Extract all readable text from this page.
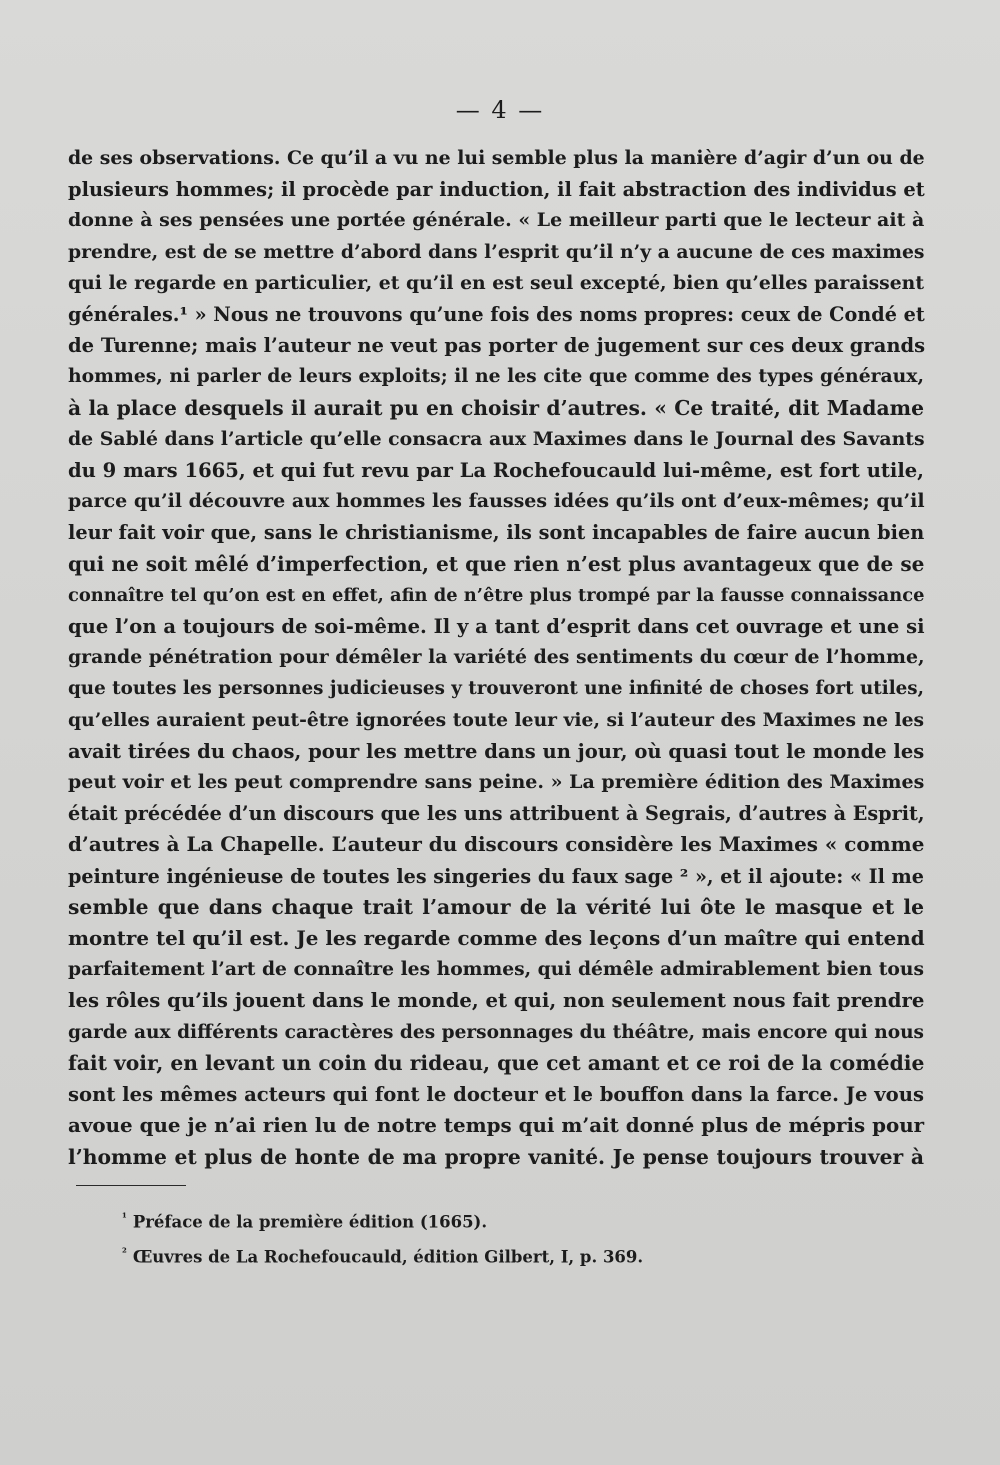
— 4 —
de ses observations. Ce qu’il a vu ne lui semble plus la manière d’agir d’un ou de
plusieurs hommes; il procède par induction, il fait abstraction des individus et
donne à ses pensées une portée générale. « Le meilleur parti que le lecteur ait à
prendre, est de se mettre d’abord dans l’esprit qu’il n’y a aucune de ces maximes
qui le regarde en particulier, et qu’il en est seul excepté, bien qu’elles paraissent
générales.¹ » Nous ne trouvons qu’une fois des noms propres: ceux de Condé et
de Turenne; mais l’auteur ne veut pas porter de jugement sur ces deux grands
hommes, ni parler de leurs exploits; il ne les cite que comme des types généraux,
à la place desquels il aurait pu en choisir d’autres. « Ce traité, dit Madame
de Sablé dans l’article qu’elle consacra aux Maximes dans le Journal des Savants
du 9 mars 1665, et qui fut revu par La Rochefoucauld lui-même, est fort utile,
parce qu’il découvre aux hommes les fausses idées qu’ils ont d’eux-mêmes; qu’il
leur fait voir que, sans le christianisme, ils sont incapables de faire aucun bien
qui ne soit mêlé d’imperfection, et que rien n’est plus avantageux que de se
connaître tel qu’on est en effet, afin de n’être plus trompé par la fausse connaissance
que l’on a toujours de soi-même. Il y a tant d’esprit dans cet ouvrage et une si
grande pénétration pour démêler la variété des sentiments du cœur de l’homme,
que toutes les personnes judicieuses y trouveront une infinité de choses fort utiles,
qu’elles auraient peut-être ignorées toute leur vie, si l’auteur des Maximes ne les
avait tirées du chaos, pour les mettre dans un jour, où quasi tout le monde les
peut voir et les peut comprendre sans peine. » La première édition des Maximes
était précédée d’un discours que les uns attribuent à Segrais, d’autres à Esprit,
d’autres à La Chapelle. L’auteur du discours considère les Maximes « comme
peinture ingénieuse de toutes les singeries du faux sage ² », et il ajoute: « Il me
semble que dans chaque trait l’amour de la vérité lui ôte le masque et le
montre tel qu’il est. Je les regarde comme des leçons d’un maître qui entend
parfaitement l’art de connaître les hommes, qui démêle admirablement bien tous
les rôles qu’ils jouent dans le monde, et qui, non seulement nous fait prendre
garde aux différents caractères des personnages du théâtre, mais encore qui nous
fait voir, en levant un coin du rideau, que cet amant et ce roi de la comédie
sont les mêmes acteurs qui font le docteur et le bouffon dans la farce. Je vous
avoue que je n’ai rien lu de notre temps qui m’ait donné plus de mépris pour
l’homme et plus de honte de ma propre vanité. Je pense toujours trouver à
$^{^1}$ Préface de la première édition (1665).
$^{^2}$ Œuvres de La Rochefoucauld, édition Gilbert, I, p. 369.
